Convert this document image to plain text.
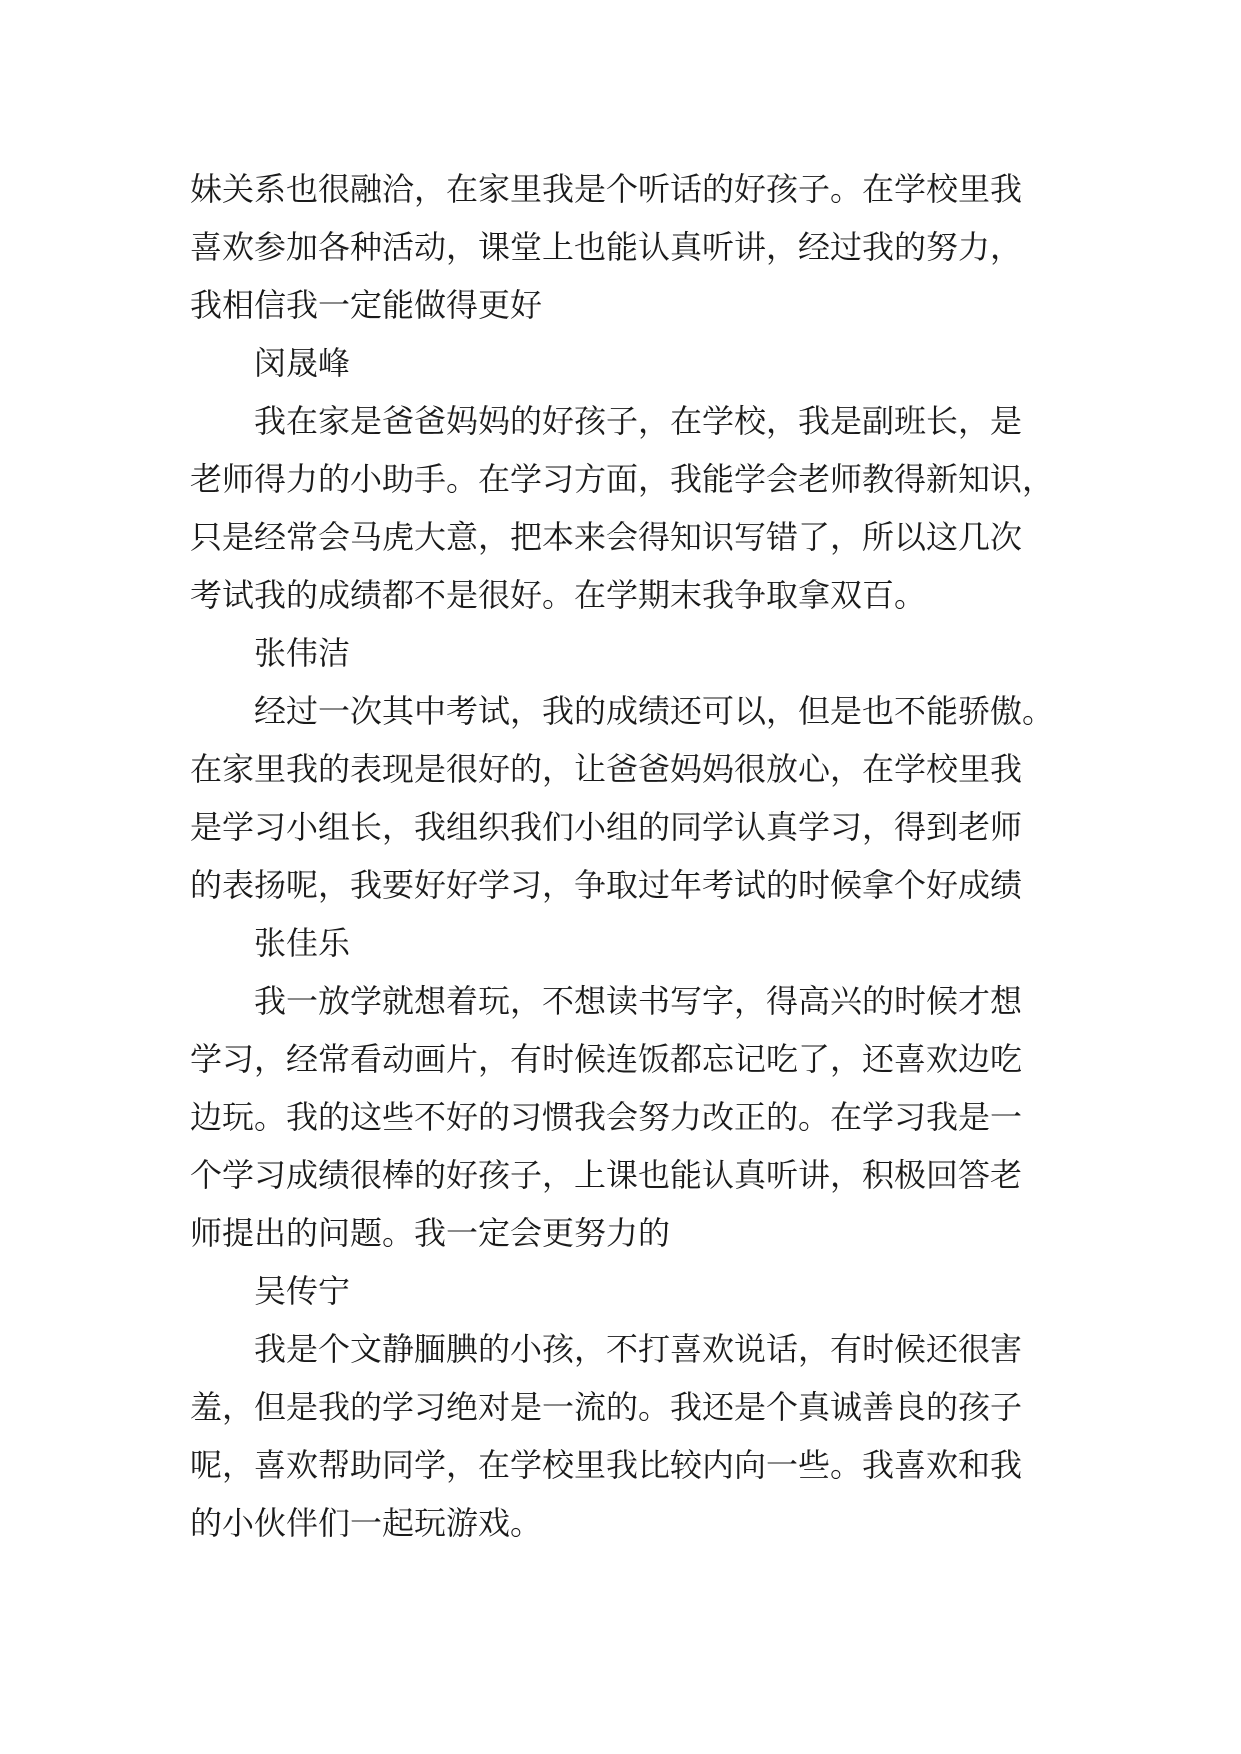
妹关系也很融洽，在家里我是个听话的好孩子。在学校里我
喜欢参加各种活动，课堂上也能认真听讲，经过我的努力，
我相信我一定能做得更好
闵晟峰
我在家是爸爸妈妈的好孩子，在学校，我是副班长，是
老师得力的小助手。在学习方面，我能学会老师教得新知识，
只是经常会马虎大意，把本来会得知识写错了，所以这几次
考试我的成绩都不是很好。在学期末我争取拿双百。
张伟洁
经过一次其中考试，我的成绩还可以，但是也不能骄傲。
在家里我的表现是很好的，让爸爸妈妈很放心，在学校里我
是学习小组长，我组织我们小组的同学认真学习，得到老师
的表扬呢，我要好好学习，争取过年考试的时候拿个好成绩
张佳乐
我一放学就想着玩，不想读书写字，得高兴的时候才想
学习，经常看动画片，有时候连饭都忘记吃了，还喜欢边吃
边玩。我的这些不好的习惯我会努力改正的。在学习我是一
个学习成绩很棒的好孩子，上课也能认真听讲，积极回答老
师提出的问题。我一定会更努力的
吴传宁
我是个文静腼腆的小孩，不打喜欢说话，有时候还很害
羞，但是我的学习绝对是一流的。我还是个真诚善良的孩子
呢，喜欢帮助同学，在学校里我比较内向一些。我喜欢和我
的小伙伴们一起玩游戏。
